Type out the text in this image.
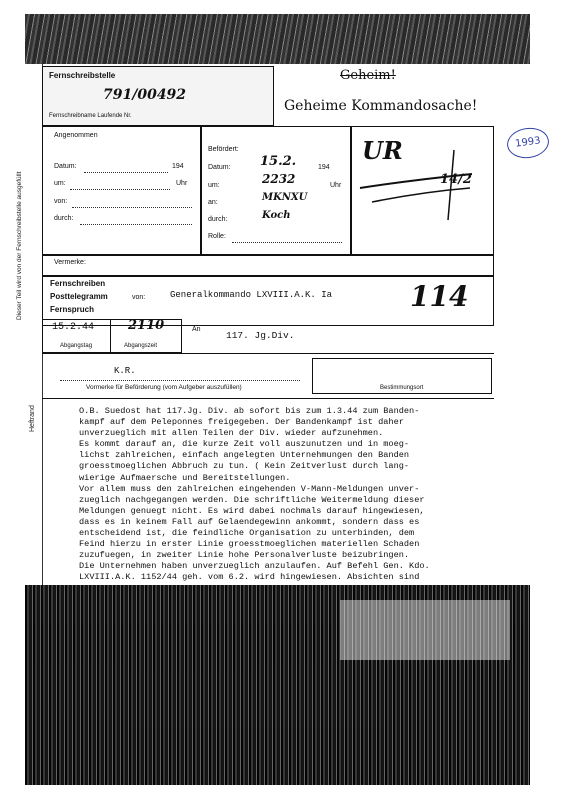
Dieser Teil wird von der Fernschreibstelle ausgefüllt
Heftrand
Fernschreibstelle
791/00492
Fernschreibname Laufende Nr.
Geheim!
Geheime Kommandosache!
1993
Angenommen
Datum:	194
um:	Uhr
von:
durch:
Befördert:
Datum: 15.2.	194
um:	2232	Uhr
an:	MKNXU
durch:	Koch
Rolle:
UR
14/2
Vermerke:
Fernschreiben
Posttelegramm
Fernspruch
von:	Generalkommando LXVIII.A.K. Ia	114
15.2.44	2110
Abgangstag	Abgangszeit
An
117. Jg.Div.
K.R.
Vormerke für Beförderung (vom Aufgeber auszufüllen)	Bestimmungsort
O.B. Suedost hat 117.Jg. Div. ab sofort bis zum 1.3.44 zum Banden-
kampf auf dem Peleponnes freigegeben. Der Bandenkampf ist daher
unverzueglich mit allen Teilen der Div. wieder aufzunehmen.
Es kommt darauf an, die kurze Zeit voll auszunutzen und in moeg-
lichst zahlreichen, einfach angelegten Unternehmungen den Banden
groesstmoeglichen Abbruch zu tun. ( Kein Zeitverlust durch lang-
wierige Aufmaersche und Bereitstellungen.
Vor allem muss den zahlreichen eingehenden V-Mann-Meldungen unver-
zueglich nachgegangen werden. Die schriftliche Weitermeldung dieser
Meldungen genuegt nicht. Es wird dabei nochmals darauf hingewiesen,
dass es in keinem Fall auf Gelaendegewinn ankommt, sondern dass es
entscheidend ist, die feindliche Organisation zu unterbinden, dem
Feind hierzu in erster Linie groesstmoeglichen materiellen Schaden
zuzufuegen, in zweiter Linie hohe Personalverluste beizubringen.
Die Unternehmen haben unverzueglich anzulaufen. Auf Befehl Gen. Kdo.
LXVIII.A.K. 1152/44 geh. vom 6.2. wird hingewiesen. Absichten sind
